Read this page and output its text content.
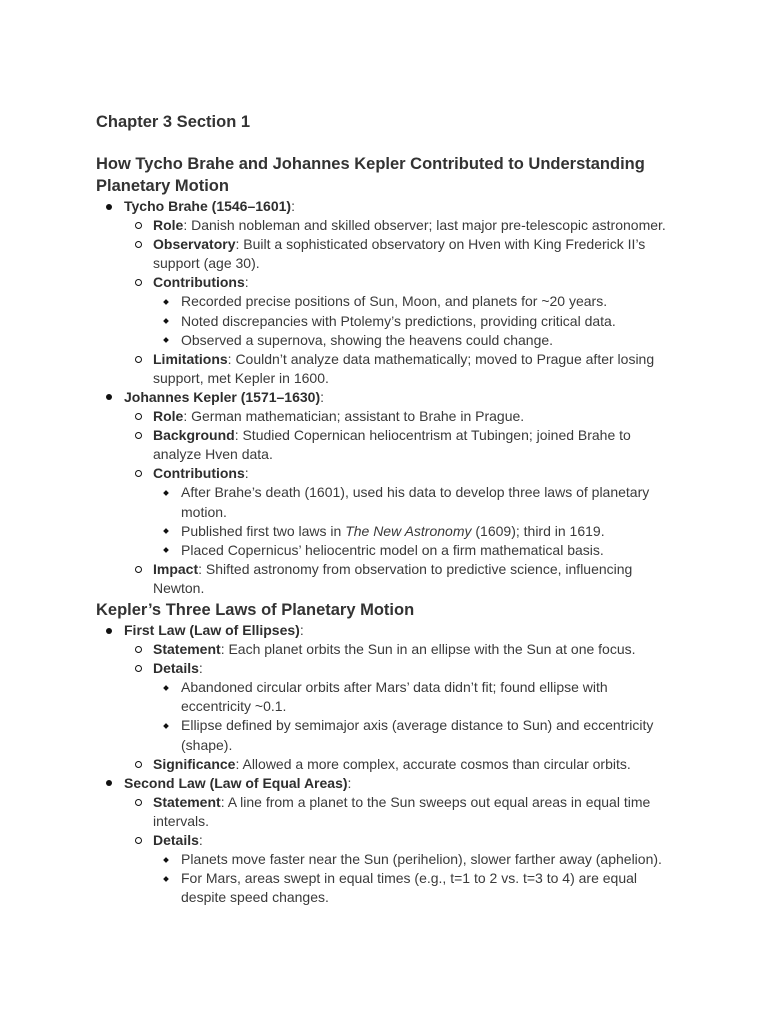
Chapter 3 Section 1
How Tycho Brahe and Johannes Kepler Contributed to Understanding Planetary Motion
Tycho Brahe (1546–1601):
Role: Danish nobleman and skilled observer; last major pre-telescopic astronomer.
Observatory: Built a sophisticated observatory on Hven with King Frederick II’s support (age 30).
Contributions:
Recorded precise positions of Sun, Moon, and planets for ~20 years.
Noted discrepancies with Ptolemy’s predictions, providing critical data.
Observed a supernova, showing the heavens could change.
Limitations: Couldn’t analyze data mathematically; moved to Prague after losing support, met Kepler in 1600.
Johannes Kepler (1571–1630):
Role: German mathematician; assistant to Brahe in Prague.
Background: Studied Copernican heliocentrism at Tubingen; joined Brahe to analyze Hven data.
Contributions:
After Brahe’s death (1601), used his data to develop three laws of planetary motion.
Published first two laws in The New Astronomy (1609); third in 1619.
Placed Copernicus’ heliocentric model on a firm mathematical basis.
Impact: Shifted astronomy from observation to predictive science, influencing Newton.
Kepler’s Three Laws of Planetary Motion
First Law (Law of Ellipses):
Statement: Each planet orbits the Sun in an ellipse with the Sun at one focus.
Details:
Abandoned circular orbits after Mars’ data didn’t fit; found ellipse with eccentricity ~0.1.
Ellipse defined by semimajor axis (average distance to Sun) and eccentricity (shape).
Significance: Allowed a more complex, accurate cosmos than circular orbits.
Second Law (Law of Equal Areas):
Statement: A line from a planet to the Sun sweeps out equal areas in equal time intervals.
Details:
Planets move faster near the Sun (perihelion), slower farther away (aphelion).
For Mars, areas swept in equal times (e.g., t=1 to 2 vs. t=3 to 4) are equal despite speed changes.
